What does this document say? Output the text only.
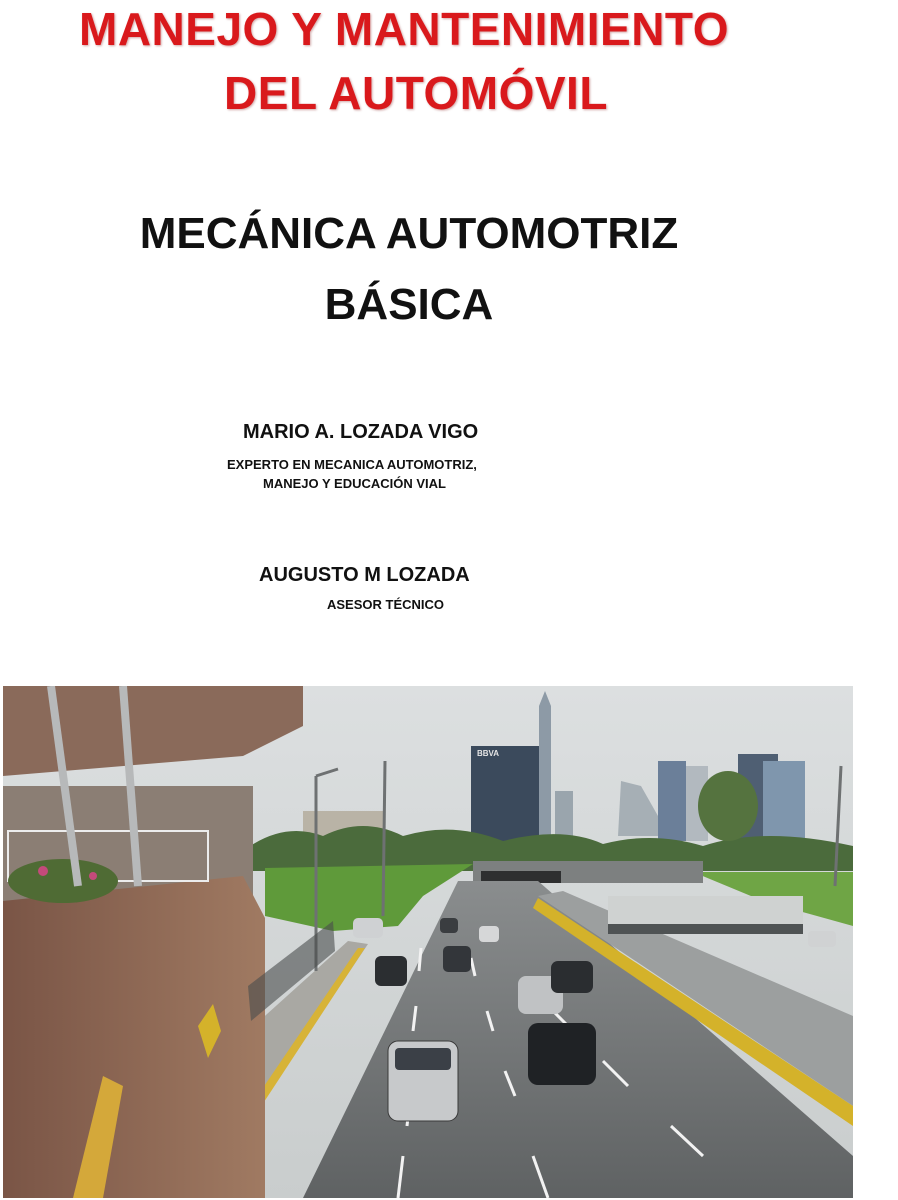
MANEJO Y MANTENIMIENTO
DEL AUTOMÓVIL
MECÁNICA AUTOMOTRIZ
BÁSICA
MARIO A. LOZADA VIGO
EXPERTO EN MECANICA AUTOMOTRIZ,
MANEJO Y EDUCACIÓN VIAL
AUGUSTO M LOZADA
ASESOR TÉCNICO
BBVA
